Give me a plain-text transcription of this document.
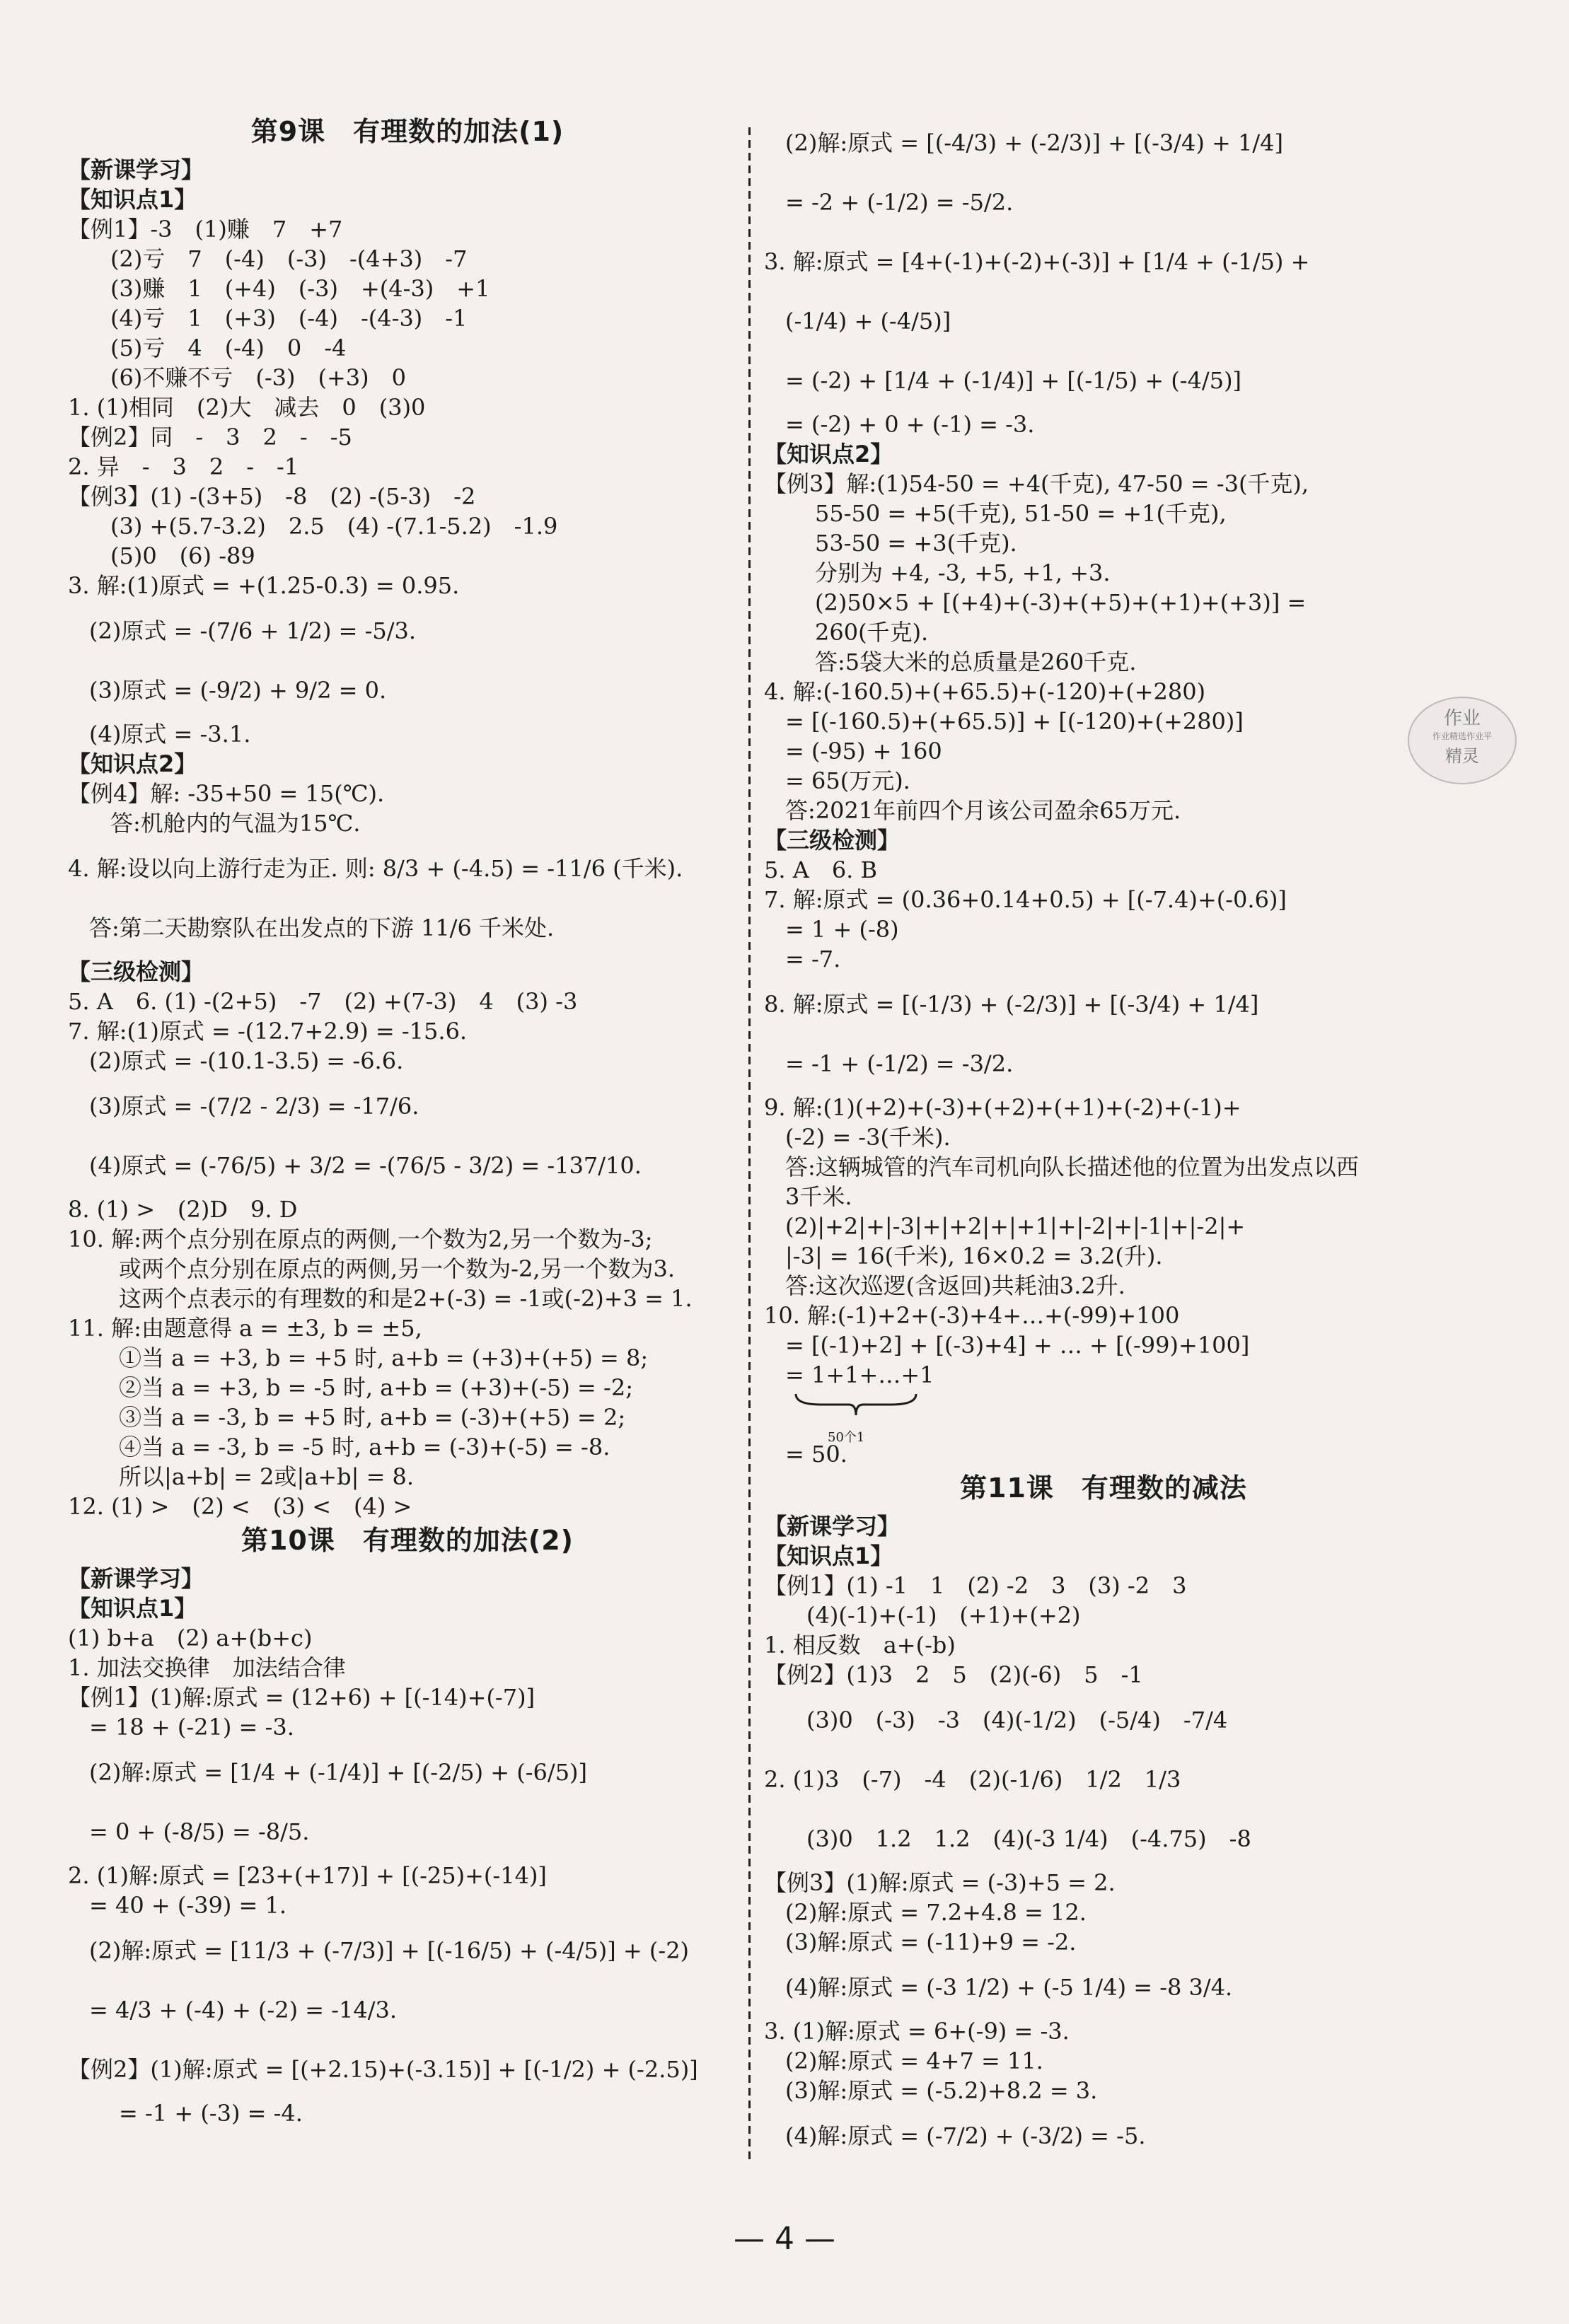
第9课　有理数的加法(1)
【新课学习】
【知识点1】
【例1】-3　(1)赚　7　+7
(2)亏　7　(-4)　(-3)　-(4+3)　-7
(3)赚　1　(+4)　(-3)　+(4-3)　+1
(4)亏　1　(+3)　(-4)　-(4-3)　-1
(5)亏　4　(-4)　0　-4
(6)不赚不亏　(-3)　(+3)　0
1. (1)相同　(2)大　减去　0　(3)0
【例2】同　-　3　2　-　-5
2. 异　-　3　2　-　-1
【例3】(1) -(3+5)　-8　(2) -(5-3)　-2
(3) +(5.7-3.2)　2.5　(4) -(7.1-5.2)　-1.9
(5)0　(6) -89
3. 解:(1)原式 = +(1.25-0.3) = 0.95.
(2)原式 = -(7/6 + 1/2) = -5/3.
(3)原式 = (-9/2) + 9/2 = 0.
(4)原式 = -3.1.
【知识点2】
【例4】解: -35+50 = 15(℃).
答:机舱内的气温为15℃.
4. 解:设以向上游行走为正. 则: 8/3 + (-4.5) = -11/6 (千米).
答:第二天勘察队在出发点的下游 11/6 千米处.
【三级检测】
5. A　6. (1) -(2+5)　-7　(2) +(7-3)　4　(3) -3
7. 解:(1)原式 = -(12.7+2.9) = -15.6.
(2)原式 = -(10.1-3.5) = -6.6.
(3)原式 = -(7/2 - 2/3) = -17/6.
(4)原式 = (-76/5) + 3/2 = -(76/5 - 3/2) = -137/10.
8. (1) >　(2)D　9. D
10. 解:两个点分别在原点的两侧,一个数为2,另一个数为-3;
或两个点分别在原点的两侧,另一个数为-2,另一个数为3.
这两个点表示的有理数的和是2+(-3) = -1或(-2)+3 = 1.
11. 解:由题意得 a = ±3, b = ±5,
①当 a = +3, b = +5 时, a+b = (+3)+(+5) = 8;
②当 a = +3, b = -5 时, a+b = (+3)+(-5) = -2;
③当 a = -3, b = +5 时, a+b = (-3)+(+5) = 2;
④当 a = -3, b = -5 时, a+b = (-3)+(-5) = -8.
所以|a+b| = 2或|a+b| = 8.
12. (1) >　(2) <　(3) <　(4) >
第10课　有理数的加法(2)
【新课学习】
【知识点1】
(1) b+a　(2) a+(b+c)
1. 加法交换律　加法结合律
【例1】(1)解:原式 = (12+6) + [(-14)+(-7)]
= 18 + (-21) = -3.
(2)解:原式 = [1/4 + (-1/4)] + [(-2/5) + (-6/5)]
= 0 + (-8/5) = -8/5.
2. (1)解:原式 = [23+(+17)] + [(-25)+(-14)]
= 40 + (-39) = 1.
(2)解:原式 = [11/3 + (-7/3)] + [(-16/5) + (-4/5)] + (-2)
= 4/3 + (-4) + (-2) = -14/3.
【例2】(1)解:原式 = [(+2.15)+(-3.15)] + [(-1/2) + (-2.5)]
= -1 + (-3) = -4.
(2)解:原式 = [(-4/3) + (-2/3)] + [(-3/4) + 1/4]
= -2 + (-1/2) = -5/2.
3. 解:原式 = [4+(-1)+(-2)+(-3)] + [1/4 + (-1/5) +
(-1/4) + (-4/5)]
= (-2) + [1/4 + (-1/4)] + [(-1/5) + (-4/5)]
= (-2) + 0 + (-1) = -3.
【知识点2】
【例3】解:(1)54-50 = +4(千克), 47-50 = -3(千克),
55-50 = +5(千克), 51-50 = +1(千克),
53-50 = +3(千克).
分别为 +4, -3, +5, +1, +3.
(2)50×5 + [(+4)+(-3)+(+5)+(+1)+(+3)] =
260(千克).
答:5袋大米的总质量是260千克.
4. 解:(-160.5)+(+65.5)+(-120)+(+280)
= [(-160.5)+(+65.5)] + [(-120)+(+280)]
= (-95) + 160
= 65(万元).
答:2021年前四个月该公司盈余65万元.
【三级检测】
5. A　6. B
7. 解:原式 = (0.36+0.14+0.5) + [(-7.4)+(-0.6)]
= 1 + (-8)
= -7.
8. 解:原式 = [(-1/3) + (-2/3)] + [(-3/4) + 1/4]
= -1 + (-1/2) = -3/2.
9. 解:(1)(+2)+(-3)+(+2)+(+1)+(-2)+(-1)+
(-2) = -3(千米).
答:这辆城管的汽车司机向队长描述他的位置为出发点以西
3千米.
(2)|+2|+|-3|+|+2|+|+1|+|-2|+|-1|+|-2|+
|-3| = 16(千米), 16×0.2 = 3.2(升).
答:这次巡逻(含返回)共耗油3.2升.
10. 解:(-1)+2+(-3)+4+…+(-99)+100
= [(-1)+2] + [(-3)+4] + … + [(-99)+100]
= 1+1+…+1
50个1
= 50.
第11课　有理数的减法
【新课学习】
【知识点1】
【例1】(1) -1　1　(2) -2　3　(3) -2　3
(4)(-1)+(-1)　(+1)+(+2)
1. 相反数　a+(-b)
【例2】(1)3　2　5　(2)(-6)　5　-1
(3)0　(-3)　-3　(4)(-1/2)　(-5/4)　-7/4
2. (1)3　(-7)　-4　(2)(-1/6)　1/2　1/3
(3)0　1.2　1.2　(4)(-3 1/4)　(-4.75)　-8
【例3】(1)解:原式 = (-3)+5 = 2.
(2)解:原式 = 7.2+4.8 = 12.
(3)解:原式 = (-11)+9 = -2.
(4)解:原式 = (-3 1/2) + (-5 1/4) = -8 3/4.
3. (1)解:原式 = 6+(-9) = -3.
(2)解:原式 = 4+7 = 11.
(3)解:原式 = (-5.2)+8.2 = 3.
(4)解:原式 = (-7/2) + (-3/2) = -5.
作业
作业精选作业平
精灵
— 4 —
